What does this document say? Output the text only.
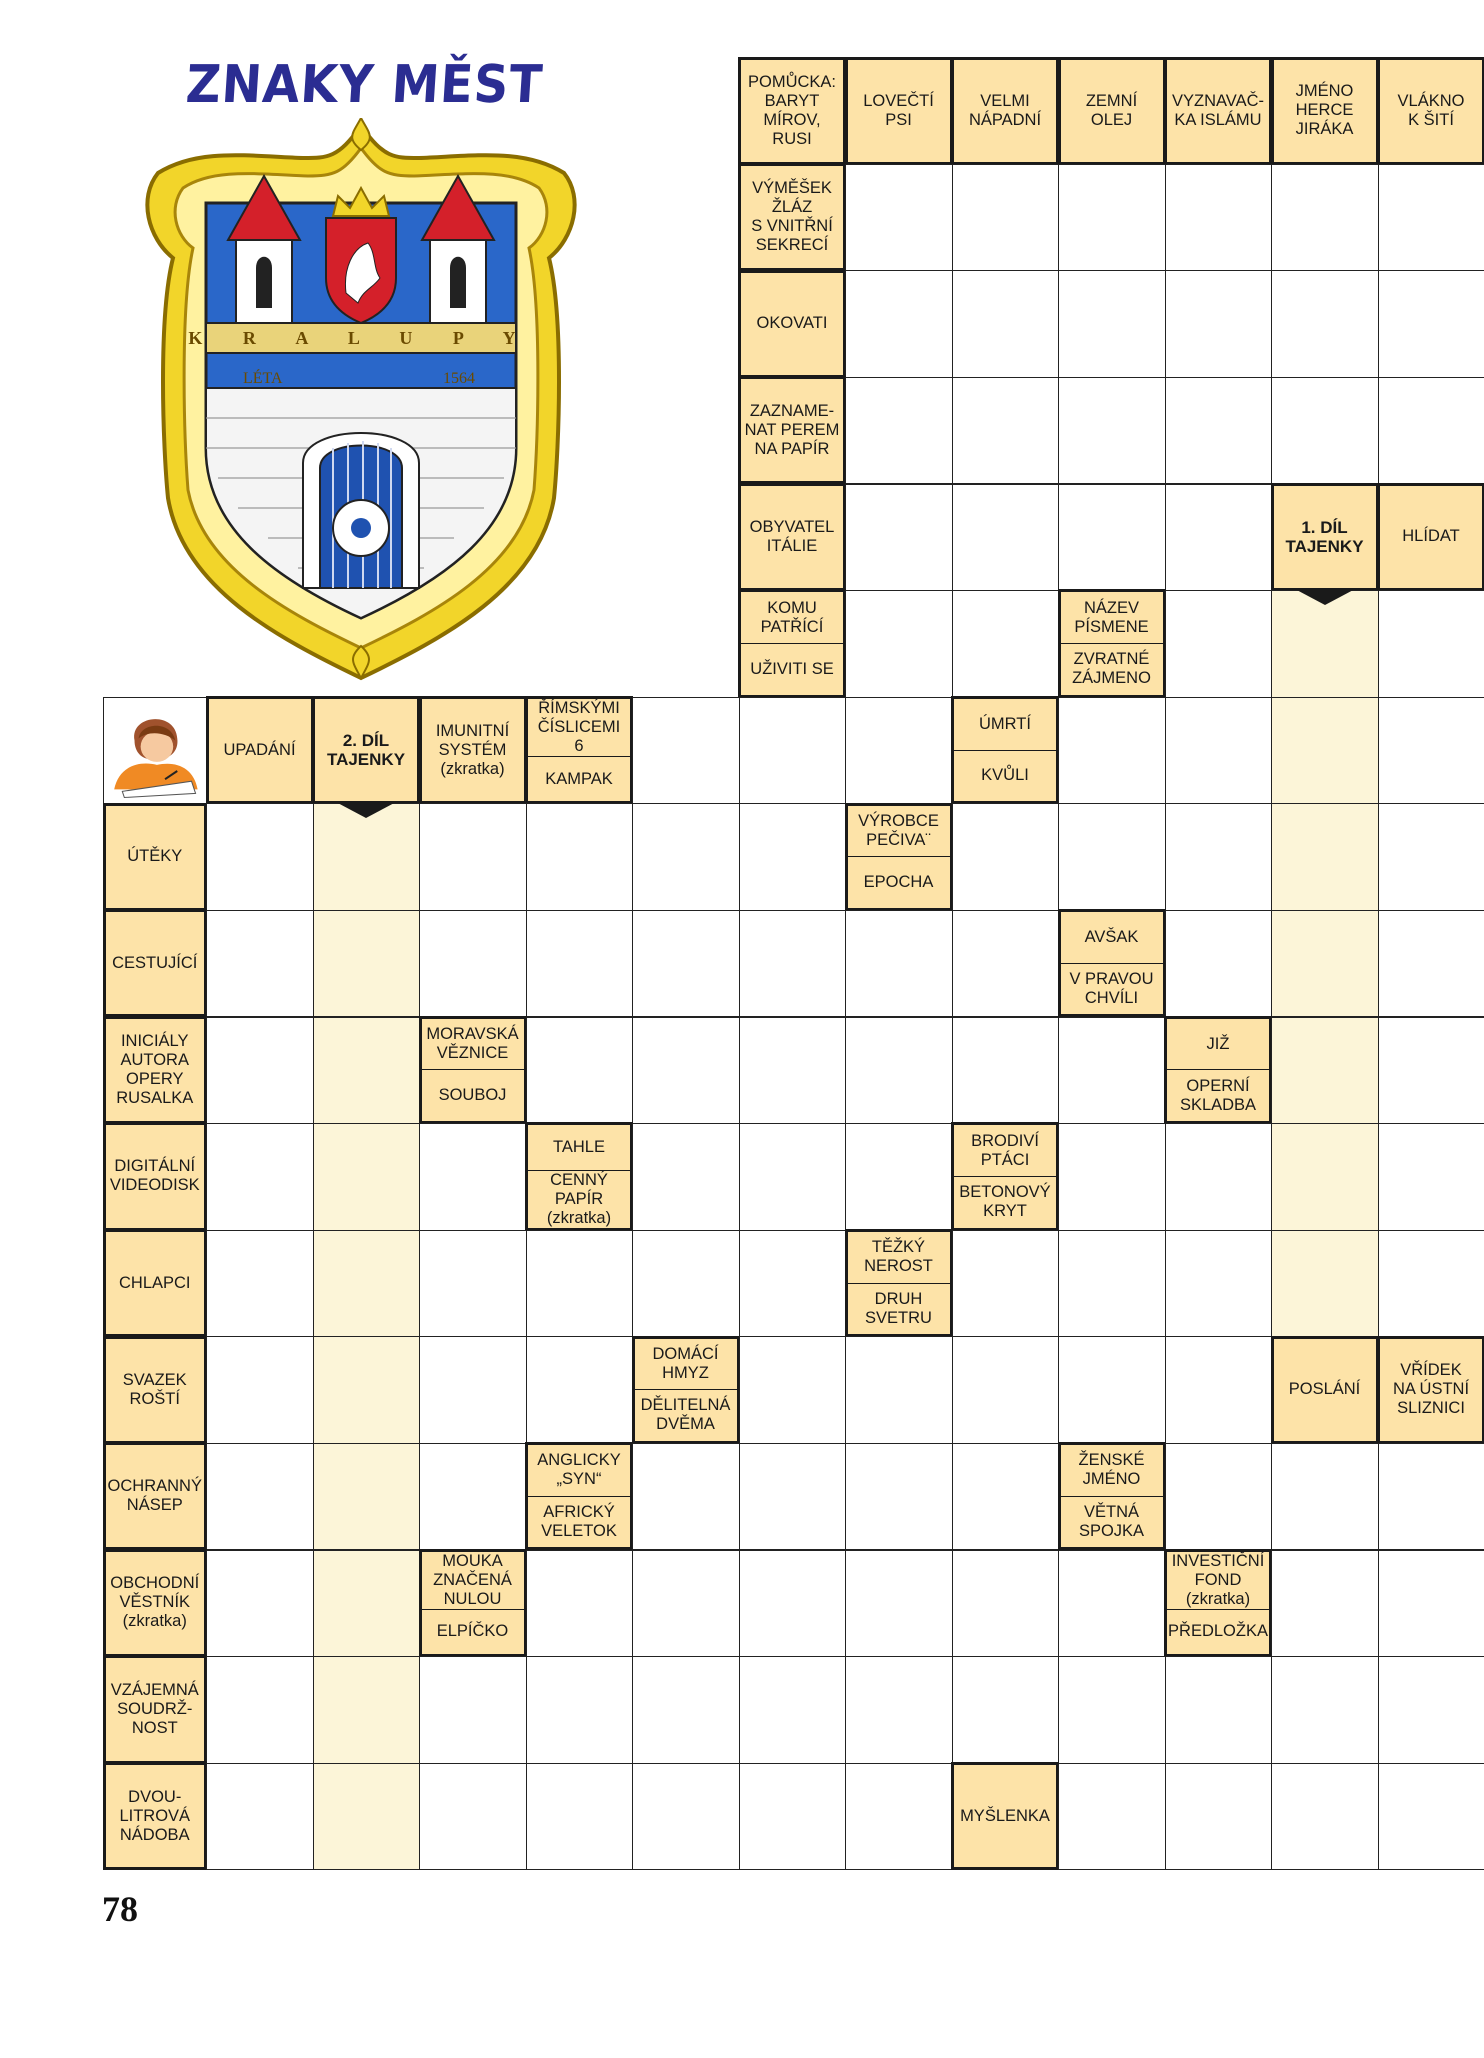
ZNAKY MĚST
K R A L U P Y
LÉTA	1564
POMŮCKA:
BARYT
MÍROV, RUSI
LOVEČTÍ
PSI
VELMI
NÁPADNÍ
ZEMNÍ
OLEJ
VYZNAVAČ-
KA ISLÁMU
JMÉNO
HERCE
JIRÁKA
VLÁKNO
K ŠITÍ
VÝMĚŠEK
ŽLÁZ
S VNITŘNÍ
SEKRECÍ
OKOVATI
ZAZNAME-
NAT PEREM
NA PAPÍR
OBYVATEL
ITÁLIE
1. DÍL
TAJENKY
HLÍDAT
KOMU
PATŘÍCÍ
UŽIVITI SE
NÁZEV
PÍSMENE
ZVRATNÉ
ZÁJMENO
UPADÁNÍ	2. DÍL
TAJENKY
IMUNITNÍ
SYSTÉM
(zkratka)
ŘÍMSKÝMI
ČÍSLICEMI 6
KAMPAK
ÚMRTÍ
KVŮLI
ÚTĚKY
VÝROBCE
PEČIVA¨
EPOCHA
CESTUJÍCÍ
AVŠAK
V PRAVOU
CHVÍLI
INICIÁLY
AUTORA
OPERY
RUSALKA
MORAVSKÁ
VĚZNICE
SOUBOJ
JIŽ
OPERNÍ
SKLADBA
DIGITÁLNÍ
VIDEODISK
TAHLE
CENNÝ
PAPÍR
(zkratka)
BRODIVÍ
PTÁCI
BETONOVÝ
KRYT
CHLAPCI
TĚŽKÝ
NEROST
DRUH
SVETRU
SVAZEK
ROŠTÍ
DOMÁCÍ
HMYZ
DĚLITELNÁ
DVĚMA
POSLÁNÍ
VŘÍDEK
NA ÚSTNÍ
SLIZNICI
OCHRANNÝ
NÁSEP
ANGLICKY
„SYN“
AFRICKÝ
VELETOK
ŽENSKÉ
JMÉNO
VĚTNÁ
SPOJKA
OBCHODNÍ
VĚSTNÍK
(zkratka)
MOUKA
ZNAČENÁ
NULOU
ELPÍČKO
INVESTIČNÍ
FOND
(zkratka)
PŘEDLOŽKA
VZÁJEMNÁ
SOUDRŽ-
NOST
DVOU-
LITROVÁ
NÁDOBA
MYŠLENKA
78
